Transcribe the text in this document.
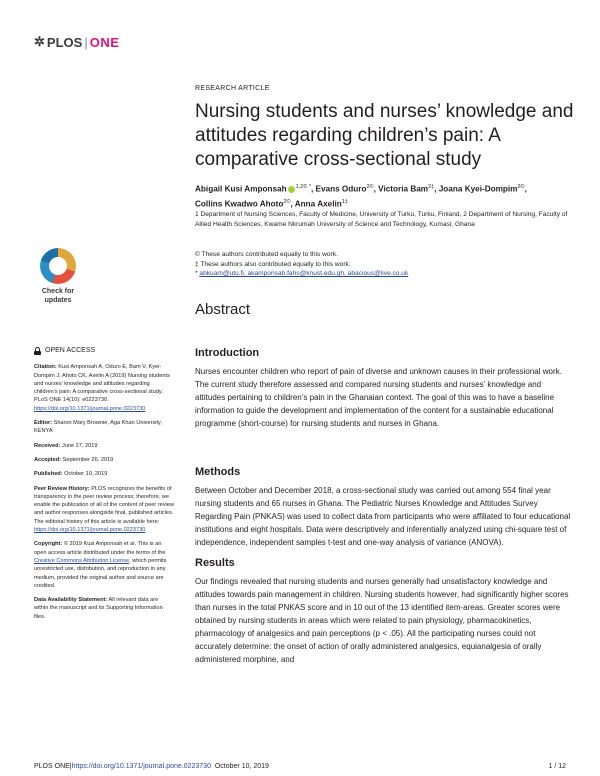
✲ PLOS | ONE
RESEARCH ARTICLE
Nursing students and nurses’ knowledge and attitudes regarding children’s pain: A comparative cross-sectional study
Abigail Kusi Amponsah $^{1,2© *}$, Evans Oduro$^{2©}$, Victoria Bam$^{2\ddagger}$, Joana Kyei-Dompim$^{2©}$,
Collins Kwadwo Ahoto$^{2©}$, Anna Axelin$^{1\ddagger}$
1 Department of Nursing Sciences, Faculty of Medicine, University of Turku, Turku, Finland, 2 Department of Nursing, Faculty of Allied Health Sciences, Kwame Nkrumah University of Science and Technology, Kumasi, Ghana
© These authors contributed equally to this work.
‡ These authors also contributed equally to this work.
* abkuam@utu.fi, akamponsah.fahs@knust.edu.gh, abacious@live.co.uk
Abstract
Check for
updates
OPEN ACCESS
Citation: Kusi Amponsah A, Oduro E, Bam V, Kyei-Dompim J, Ahoto CK, Axelin A (2019) Nursing students and nurses’ knowledge and attitudes regarding children’s pain: A comparative cross-sectional study. PLoS ONE 14(10): e0223730. https://doi.org/10.1371/journal.pone.0223730
Editor: Sharon Mary Brownie, Aga Khan University, KENYA
Received: June 27, 2019
Accepted: September 26, 2019
Published: October 10, 2019
Peer Review History: PLOS recognizes the benefits of transparency in the peer review process; therefore, we enable the publication of all of the content of peer review and author responses alongside final, published articles. The editorial history of this article is available here: https://doi.org/10.1371/journal.pone.0223730
Copyright: © 2019 Kusi Amponsah et al. This is an open access article distributed under the terms of the Creative Commons Attribution License, which permits unrestricted use, distribution, and reproduction in any medium, provided the original author and source are credited.
Data Availability Statement: All relevant data are within the manuscript and its Supporting Information files.
Introduction

Nurses encounter children who report of pain of diverse and unknown causes in their professional work. The current study therefore assessed and compared nursing students and nurses’ knowledge and attitudes pertaining to children’s pain in the Ghanaian context. The goal of this was to have a baseline information to guide the development and implementation of the content for a sustainable educational programme (short-course) for nursing students and nurses in Ghana.

Methods

Between October and December 2018, a cross-sectional study was carried out among 554 final year nursing students and 65 nurses in Ghana. The Pediatric Nurses Knowledge and Attitudes Survey Regarding Pain (PNKAS) was used to collect data from participants who were affiliated to four educational institutions and eight hospitals. Data were descriptively and inferentially analyzed using chi-square test of independence, independent samples t-test and one-way analysis of variance (ANOVA).

Results

Our findings revealed that nursing students and nurses generally had unsatisfactory knowledge and attitudes towards pain management in children. Nursing students however, had significantly higher scores than nurses in the total PNKAS score and in 10 out of the 13 identified item-areas. Greater scores were obtained by nursing students in areas which were related to pain physiology, pharmacokinetics, pharmacology of analgesics and pain perceptions (p < .05). All the participating nurses could not accurately determine: the onset of action of orally administered analgesics, equianalgesia of orally administered morphine, and

PLOS ONE | https://doi.org/10.1371/journal.pone.0223730
October 10, 2019	1 / 12
